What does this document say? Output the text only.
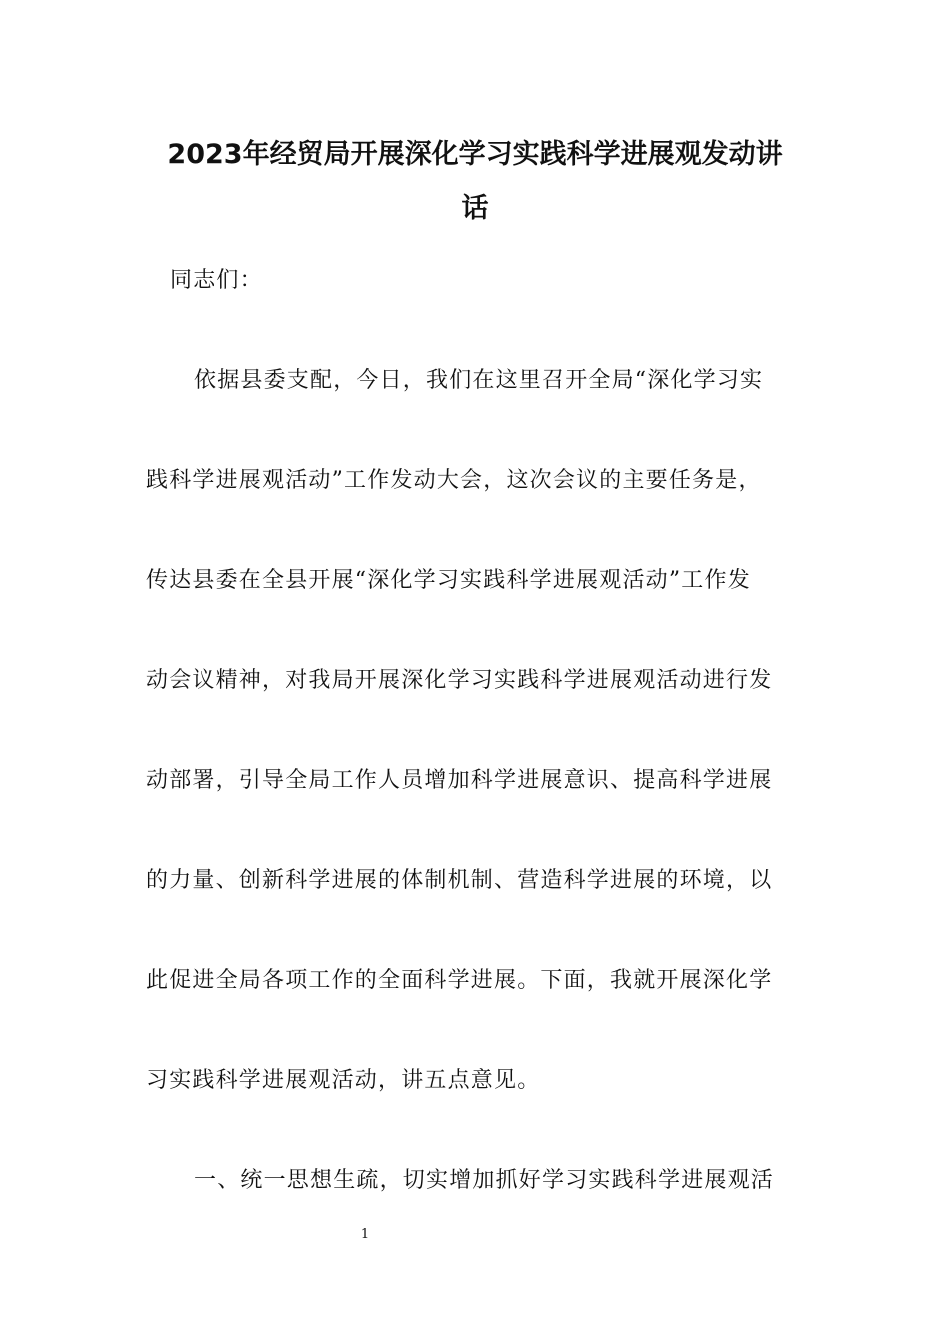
2023年经贸局开展深化学习实践科学进展观发动讲
话
同志们：
依据县委支配，今日，我们在这里召开全局“深化学习实
践科学进展观活动”工作发动大会，这次会议的主要任务是，
传达县委在全县开展“深化学习实践科学进展观活动”工作发
动会议精神，对我局开展深化学习实践科学进展观活动进行发
动部署，引导全局工作人员增加科学进展意识、提高科学进展
的力量、创新科学进展的体制机制、营造科学进展的环境，以
此促进全局各项工作的全面科学进展。下面，我就开展深化学
习实践科学进展观活动，讲五点意见。
一、统一思想生疏，切实增加抓好学习实践科学进展观活
1
